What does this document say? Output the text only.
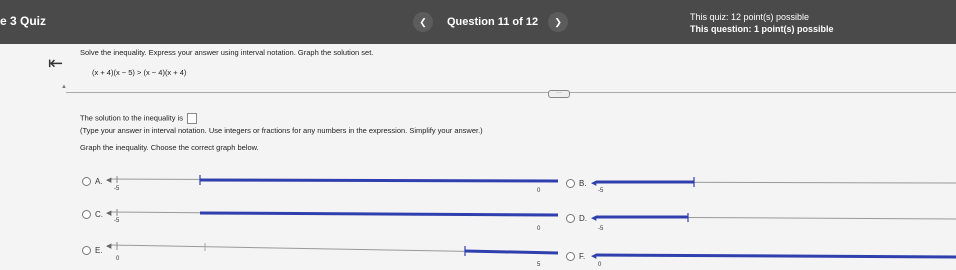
e 3 Quiz	❮ Question 11 of 12 ❯	This quiz: 12 point(s) possible
This question: 1 point(s) possible
⇤
Solve the inequality. Express your answer using interval notation. Graph the solution set.
(x + 4)(x − 5) > (x − 4)(x + 4)
▲
···
The solution to the inequality is
(Type your answer in interval notation. Use integers or fractions for any numbers in the expression. Simplify your answer.)
Graph the inequality. Choose the correct graph below.
A. ◀
-5
◀
0	-5
◀
-5	◀
0	-5
◀
0	◀
5	0
B.
C.	D.
E.
F.
